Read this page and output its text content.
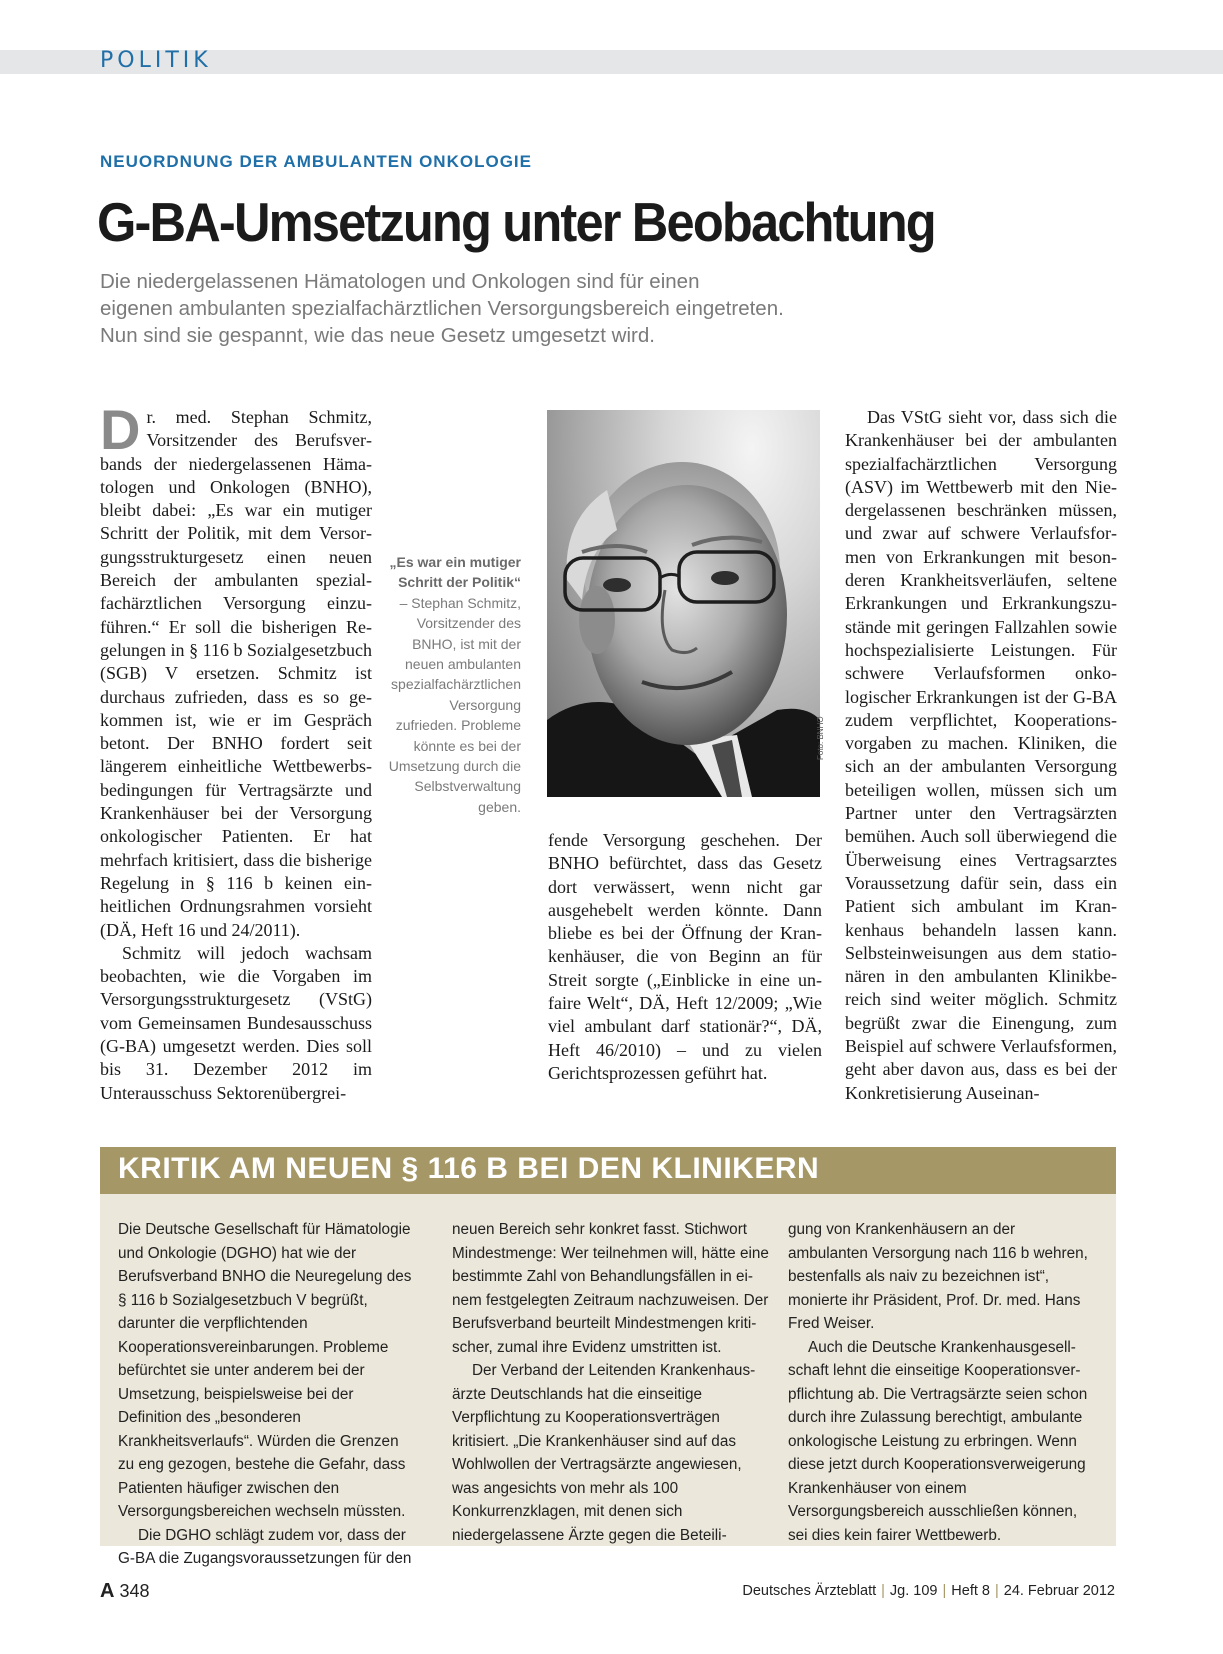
POLITIK
NEUORDNUNG DER AMBULANTEN ONKOLOGIE
G-BA-Umsetzung unter Beobachtung
Die niedergelassenen Hämatologen und Onkologen sind für einen
eigenen ambulanten spezialfachärztlichen Versorgungsbereich eingetreten.
Nun sind sie gespannt, wie das neue Gesetz umgesetzt wird.

Dr. med. Stephan Schmitz, Vorsitzender des Berufsverbands der niedergelassenen Hämatologen und Onkologen (BNHO), bleibt dabei: „Es war ein mutiger Schritt der Politik, mit dem Versorgungsstrukturgesetz einen neuen Bereich der ambulanten spezialfachärztlichen Versorgung einzuführen.“ Er soll die bisherigen Regelungen in § 116 b Sozialgesetzbuch (SGB) V ersetzen. Schmitz ist durchaus zufrieden, dass es so gekommen ist, wie er im Gespräch betont. Der BNHO fordert seit längerem einheitliche Wettbewerbsbedingungen für Vertragsärzte und Krankenhäuser bei der Versorgung onkologischer Patienten. Er hat mehrfach kritisiert, dass die bisherige Regelung in § 116 b keinen einheitlichen Ordnungsrahmen vorsieht (DÄ, Heft 16 und 24/2011).

Schmitz will jedoch wachsam beobachten, wie die Vorgaben im Versorgungsstrukturgesetz (VStG) vom Gemeinsamen Bundesausschuss (G-BA) umgesetzt werden. Dies soll bis 31. Dezember 2012 im Unterausschuss Sektorenübergrei-

„Es war ein mutiger Schritt der Politik“ – Stephan Schmitz, Vorsitzender des BNHO, ist mit der neuen ambulanten spezialfachärztlichen Versorgung zufrieden. Probleme könnte es bei der Umsetzung durch die Selbstverwaltung geben.
Foto: BNHO

fende Versorgung geschehen. Der BNHO befürchtet, dass das Gesetz dort verwässert, wenn nicht gar ausgehebelt werden könnte. Dann bliebe es bei der Öffnung der Krankenhäuser, die von Beginn an für Streit sorgte („Einblicke in eine unfaire Welt“, DÄ, Heft 12/2009; „Wie viel ambulant darf stationär?“, DÄ, Heft 46/2010) – und zu vielen Gerichtsprozessen geführt hat.

Das VStG sieht vor, dass sich die Krankenhäuser bei der ambulanten spezialfachärztlichen Versorgung (ASV) im Wettbewerb mit den Niedergelassenen beschränken müssen, und zwar auf schwere Verlaufsformen von Erkrankungen mit besonderen Krankheitsverläufen, seltene Erkrankungen und Erkrankungszustände mit geringen Fallzahlen sowie hochspezialisierte Leistungen. Für schwere Verlaufsformen onkologischer Erkrankungen ist der G-BA zudem verpflichtet, Kooperationsvorgaben zu machen. Kliniken, die sich an der ambulanten Versorgung beteiligen wollen, müssen sich um Partner unter den Vertragsärzten bemühen. Auch soll überwiegend die Überweisung eines Vertragsarztes Voraussetzung dafür sein, dass ein Patient sich ambulant im Krankenhaus behandeln lassen kann. Selbsteinweisungen aus dem stationären in den ambulanten Klinikbereich sind weiter möglich. Schmitz begrüßt zwar die Einengung, zum Beispiel auf schwere Verlaufsformen, geht aber davon aus, dass es bei der Konkretisierung Auseinan-

KRITIK AM NEUEN § 116 B BEI DEN KLINIKERN

Die Deutsche Gesellschaft für Hämatologie und Onkologie (DGHO) hat wie der Berufsverband BNHO die Neuregelung des § 116 b Sozialgesetzbuch V begrüßt, darunter die verpflichtenden Kooperationsvereinbarungen. Probleme befürchtet sie unter anderem bei der Umsetzung, beispielsweise bei der Definition des „besonderen Krankheitsverlaufs“. Würden die Grenzen zu eng gezogen, bestehe die Gefahr, dass Patienten häufiger zwischen den Versorgungsbereichen wechseln müssten.

Die DGHO schlägt zudem vor, dass der G-BA die Zugangsvoraussetzungen für den

neuen Bereich sehr konkret fasst. Stichwort Mindestmenge: Wer teilnehmen will, hätte eine bestimmte Zahl von Behandlungsfällen in einem festgelegten Zeitraum nachzuweisen. Der Berufsverband beurteilt Mindestmengen kritischer, zumal ihre Evidenz umstritten ist.

Der Verband der Leitenden Krankenhausärzte Deutschlands hat die einseitige Verpflichtung zu Kooperationsverträgen kritisiert. „Die Krankenhäuser sind auf das Wohlwollen der Vertragsärzte angewiesen, was angesichts von mehr als 100 Konkurrenzklagen, mit denen sich niedergelassene Ärzte gegen die Beteili-

gung von Krankenhäusern an der ambulanten Versorgung nach 116 b wehren, bestenfalls als naiv zu bezeichnen ist“, monierte ihr Präsident, Prof. Dr. med. Hans Fred Weiser.

Auch die Deutsche Krankenhausgesellschaft lehnt die einseitige Kooperationsverpflichtung ab. Die Vertragsärzte seien schon durch ihre Zulassung berechtigt, ambulante onkologische Leistung zu erbringen. Wenn diese jetzt durch Kooperationsverweigerung Krankenhäuser von einem Versorgungsbereich ausschließen können, sei dies kein fairer Wettbewerb.

A 348	Deutsches Ärzteblatt | Jg. 109 | Heft 8 | 24. Februar 2012
